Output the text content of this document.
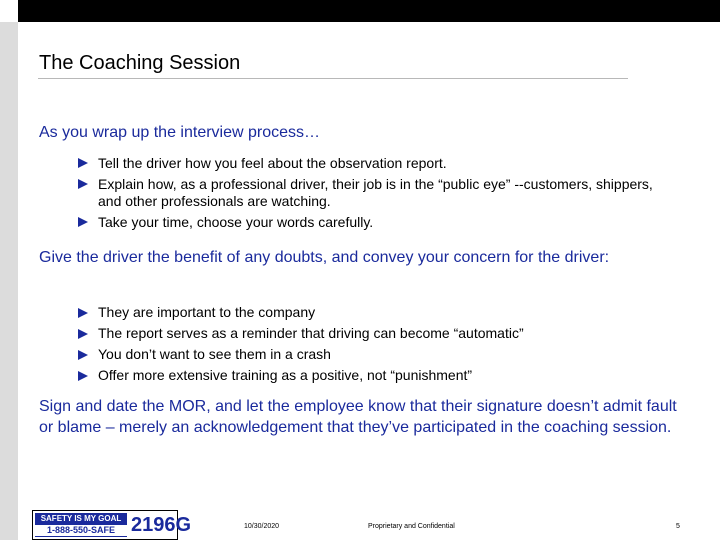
The Coaching Session

As you wrap up the interview process…

Tell the driver how you feel about the observation report.
Explain how, as a professional driver, their job is in the “public eye” --customers, shippers, and other professionals are watching.
Take your time, choose your words carefully.

Give the driver the benefit of any doubts, and convey your concern for the driver:

They are important to the company
The report serves as a reminder that driving can become “automatic”
You don’t want to see them in a crash
Offer more extensive training as a positive, not “punishment”

Sign and date the MOR, and let the employee know that their signature doesn’t admit fault or blame – merely an acknowledgement that they’ve participated in the coaching session.

SAFETY IS MY GOAL
1-888-550-SAFE 2196G	10/30/2020	Proprietary and Confidential	5
